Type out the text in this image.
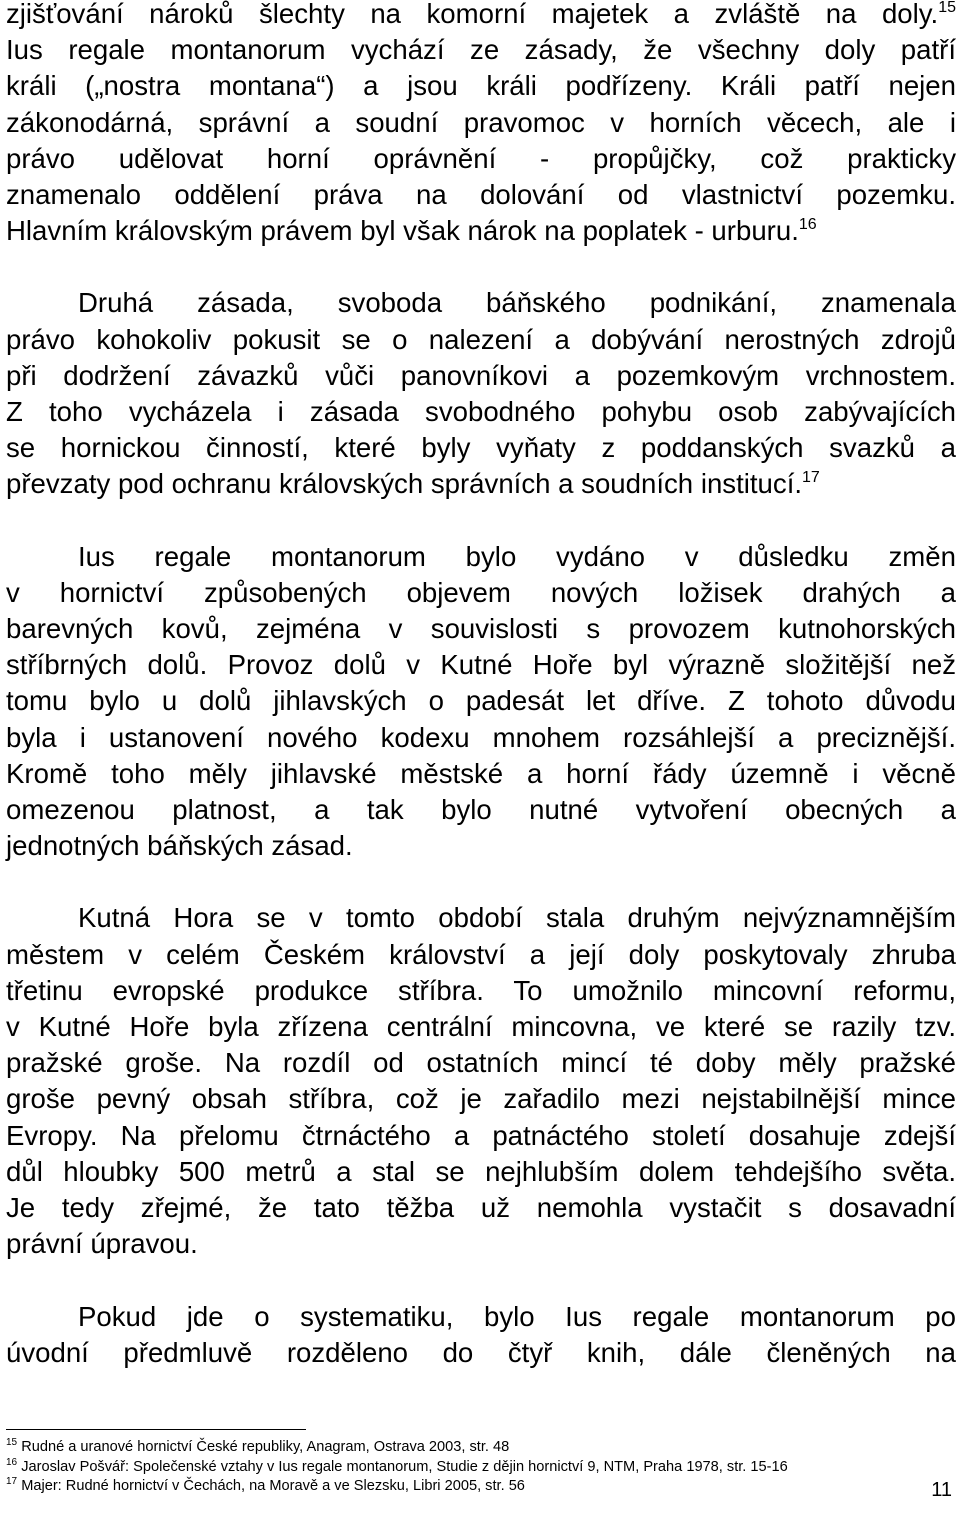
zjišťování nároků šlechty na komorní majetek a zvláště na doly.$^{15}$
Ius regale montanorum vychází ze zásady, že všechny doly patří
králi („nostra montana“) a jsou králi podřízeny. Králi patří nejen
zákonodárná, správní a soudní pravomoc v horních věcech, ale i
právo udělovat horní oprávnění - propůjčky, což prakticky
znamenalo oddělení práva na dolování od vlastnictví pozemku.
Hlavním královským právem byl však nárok na poplatek - urburu.$^{16}$

Druhá zásada, svoboda báňského podnikání, znamenala
právo kohokoliv pokusit se o nalezení a dobývání nerostných zdrojů
při dodržení závazků vůči panovníkovi a pozemkovým vrchnostem.
Z toho vycházela i zásada svobodného pohybu osob zabývajících
se hornickou činností, které byly vyňaty z poddanských svazků a
převzaty pod ochranu královských správních a soudních institucí.$^{17}$

Ius regale montanorum bylo vydáno v důsledku změn
v hornictví způsobených objevem nových ložisek drahých a
barevných kovů, zejména v souvislosti s provozem kutnohorských
stříbrných dolů. Provoz dolů v Kutné Hoře byl výrazně složitější než
tomu bylo u dolů jihlavských o padesát let dříve. Z tohoto důvodu
byla i ustanovení nového kodexu mnohem rozsáhlejší a preciznější.
Kromě toho měly jihlavské městské a horní řády územně i věcně
omezenou platnost, a tak bylo nutné vytvoření obecných a
jednotných báňských zásad.

Kutná Hora se v tomto období stala druhým nejvýznamnějším
městem v celém Českém království a její doly poskytovaly zhruba
třetinu evropské produkce stříbra. To umožnilo mincovní reformu,
v Kutné Hoře byla zřízena centrální mincovna, ve které se razily tzv.
pražské groše. Na rozdíl od ostatních mincí té doby měly pražské
groše pevný obsah stříbra, což je zařadilo mezi nejstabilnější mince
Evropy. Na přelomu čtrnáctého a patnáctého století dosahuje zdejší
důl hloubky 500 metrů a stal se nejhlubším dolem tehdejšího světa.
Je tedy zřejmé, že tato těžba už nemohla vystačit s dosavadní
právní úpravou.

Pokud jde o systematiku, bylo Ius regale montanorum po
úvodní předmluvě rozděleno do čtyř knih, dále členěných na

$^{15}$ Rudné a uranové hornictví České republiky, Anagram, Ostrava 2003, str. 48
$^{16}$ Jaroslav Pošvář: Společenské vztahy v Ius regale montanorum, Studie z dějin hornictví 9, NTM, Praha 1978, str. 15-16
$^{17}$ Majer: Rudné hornictví v Čechách, na Moravě a ve Slezsku, Libri 2005, str. 56	11
